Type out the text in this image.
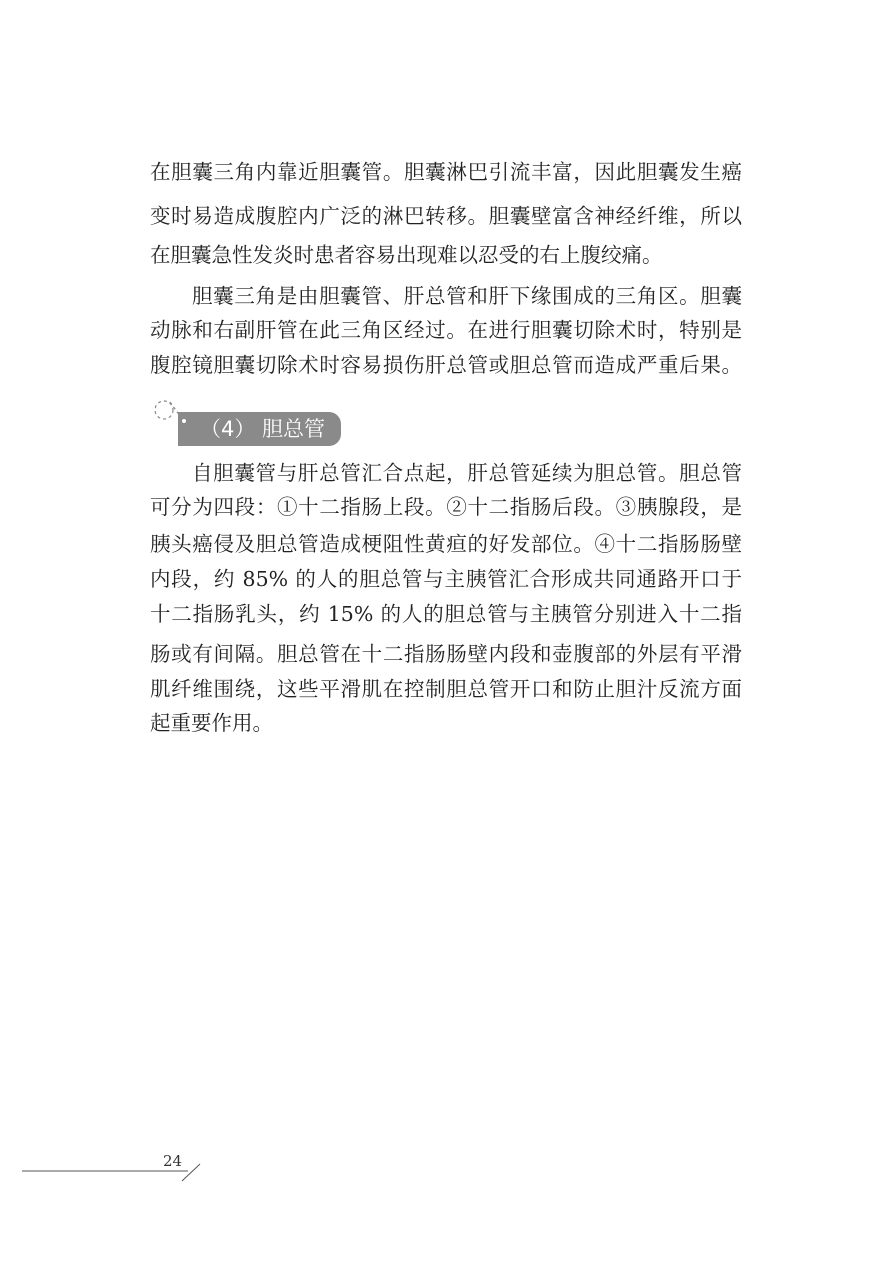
在胆囊三角内靠近胆囊管。胆囊淋巴引流丰富，因此胆囊发生癌
变时易造成腹腔内广泛的淋巴转移。胆囊壁富含神经纤维，所以
在胆囊急性发炎时患者容易出现难以忍受的右上腹绞痛。
胆囊三角是由胆囊管、肝总管和肝下缘围成的三角区。胆囊
动脉和右副肝管在此三角区经过。在进行胆囊切除术时，特别是
腹腔镜胆囊切除术时容易损伤肝总管或胆总管而造成严重后果。
（4） 胆总管
自胆囊管与肝总管汇合点起，肝总管延续为胆总管。胆总管
可分为四段：①十二指肠上段。②十二指肠后段。③胰腺段，是
胰头癌侵及胆总管造成梗阻性黄疸的好发部位。④十二指肠肠壁
内段，约 85% 的人的胆总管与主胰管汇合形成共同通路开口于
十二指肠乳头，约 15% 的人的胆总管与主胰管分别进入十二指
肠或有间隔。胆总管在十二指肠肠壁内段和壶腹部的外层有平滑
肌纤维围绕，这些平滑肌在控制胆总管开口和防止胆汁反流方面
起重要作用。
24
